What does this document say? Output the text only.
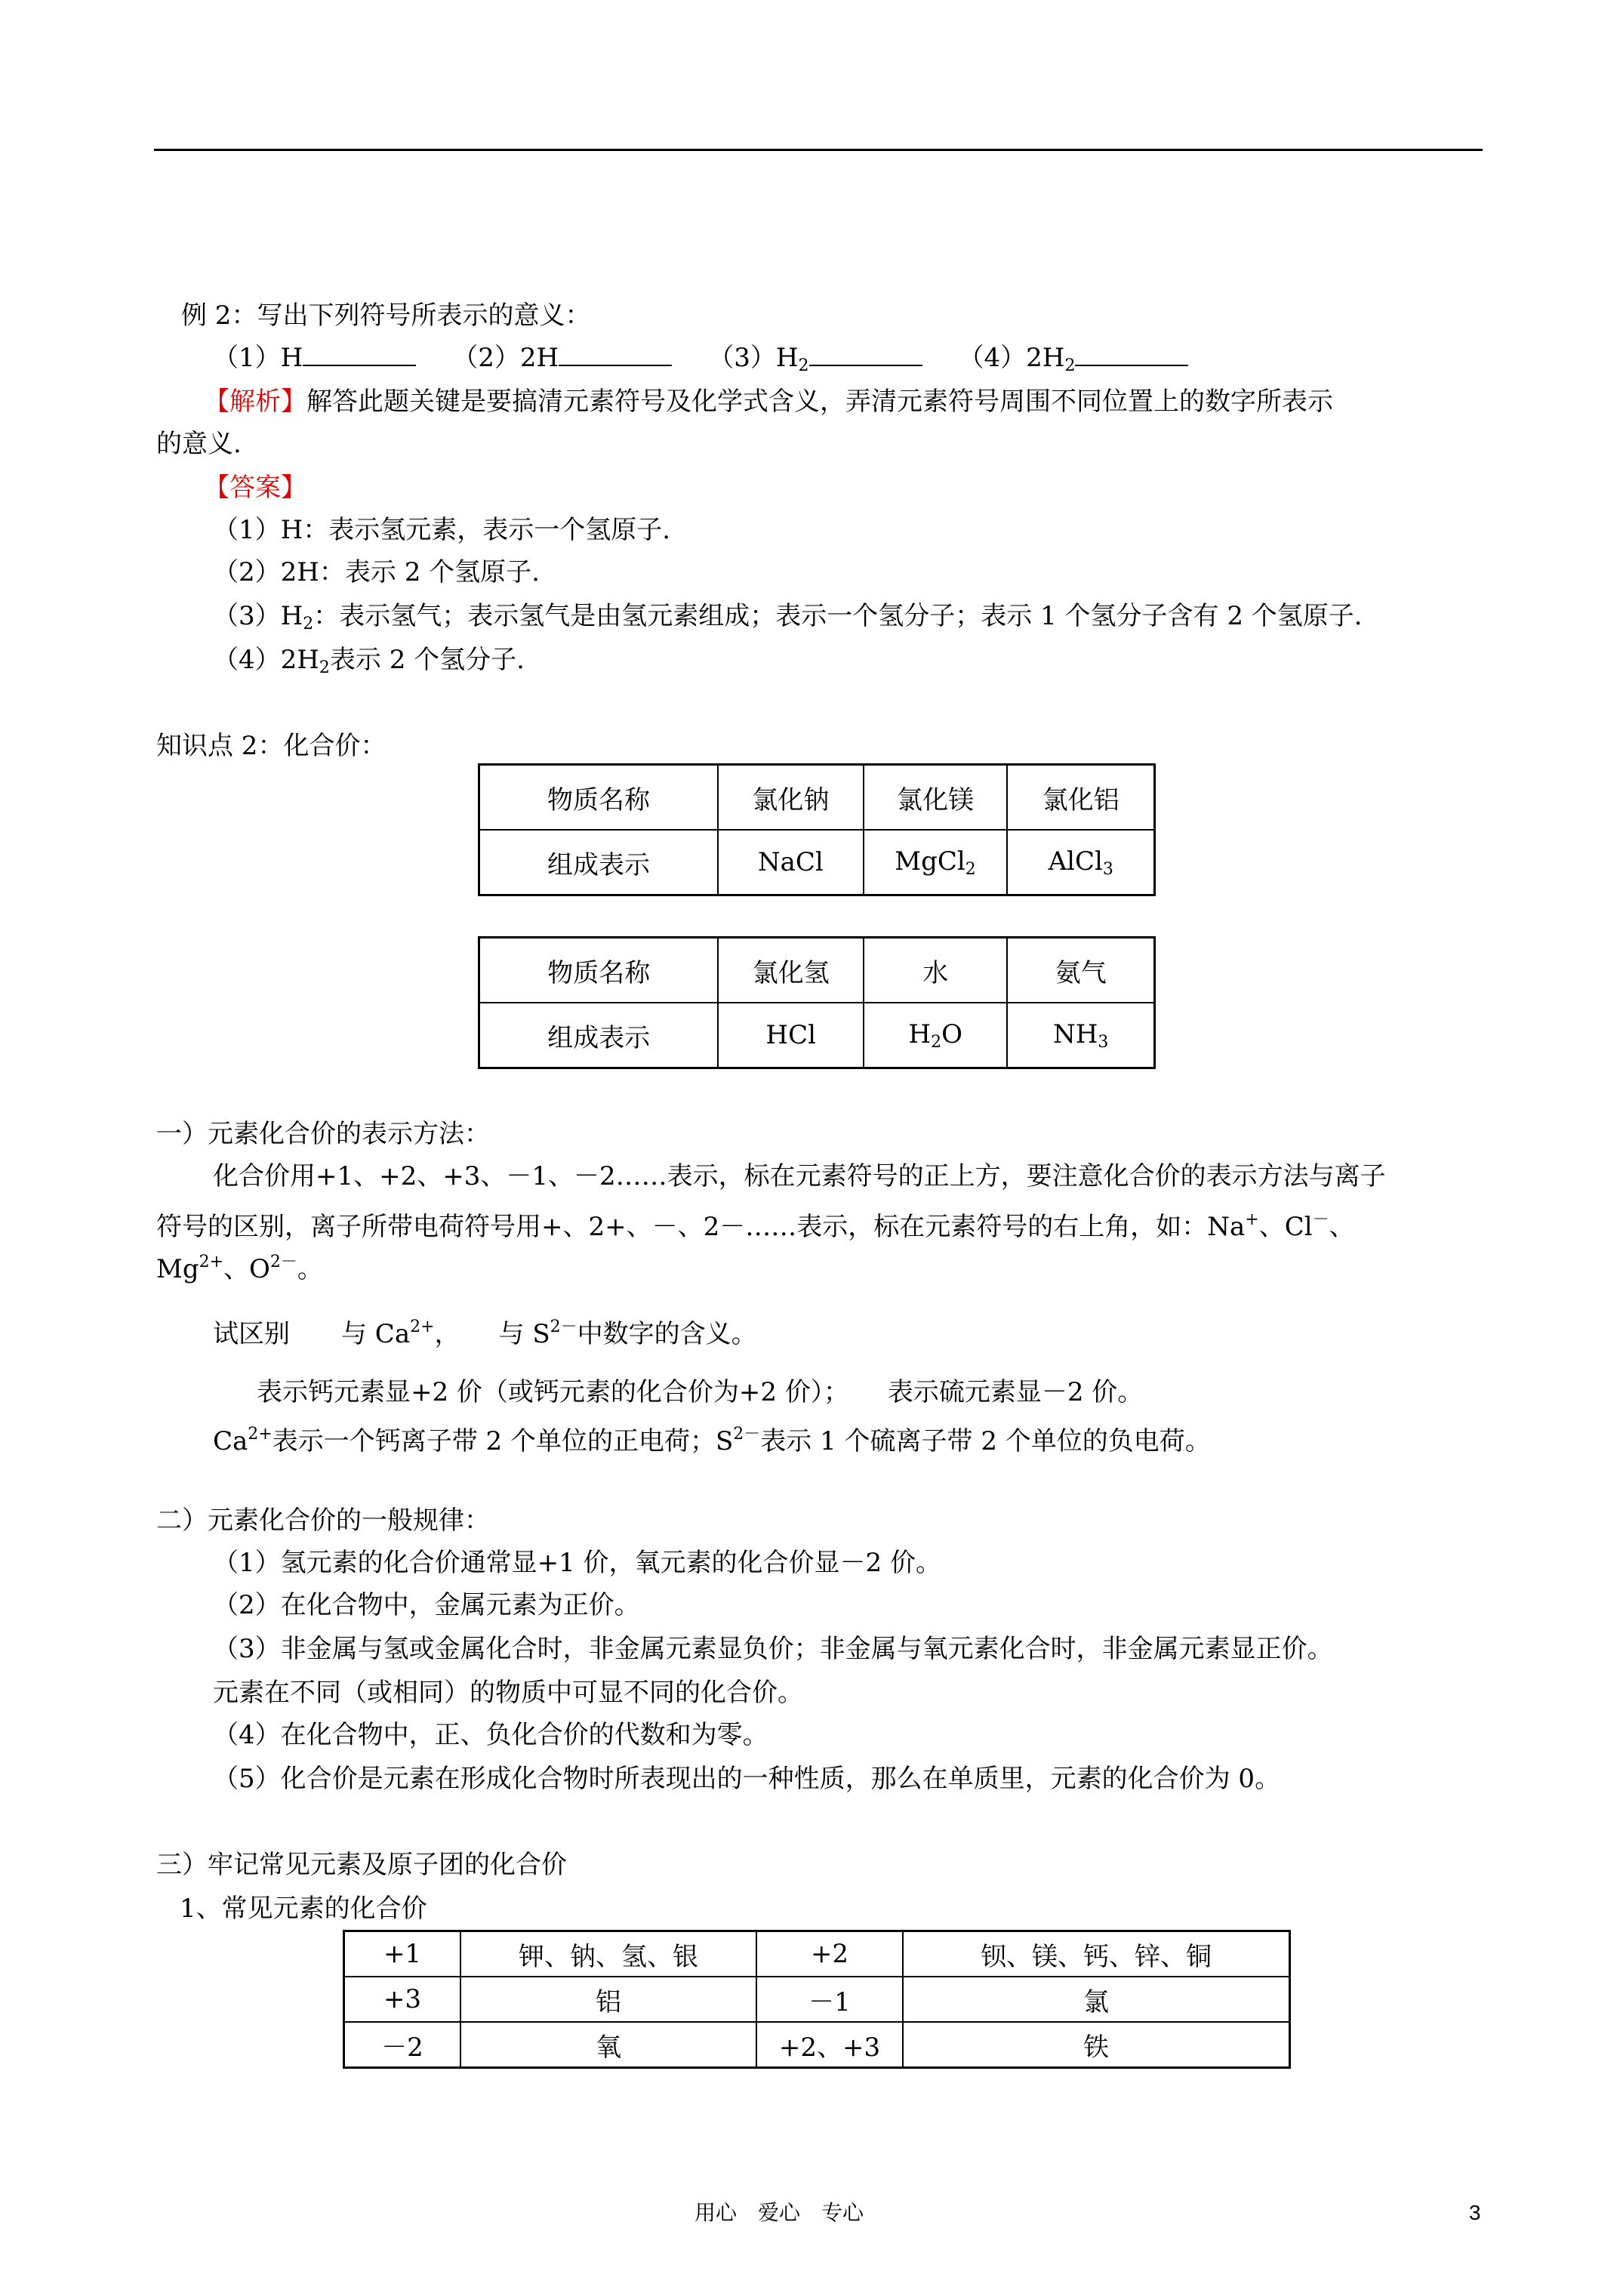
例 2：写出下列符号所表示的意义：
（1）H	（2）2H	$(3)H_2$	$(4)2H_2$
【解析】解答此题关键是要搞清元素符号及化学式含义，弄清元素符号周围不同位置上的数字所表示
的意义.
【答案】
（1）H：表示氢元素，表示一个氢原子.
（2）2H：表示 2 个氢原子.
$(3)H_2$：表示氢气；表示氢气是由氢元素组成；表示一个氢分子；表示 1 个氢分子含有 2 个氢原子.
$(4)2H_2$表示 2 个氢分子.
知识点 2：化合价：
物质名称	氯化钠	氯化镁	氯化铝
组成表示	NaCl	MgCl$_2$	AlCl$_3$
物质名称	氯化氢	水	氨气
组成表示	HCl	$H_2O$	$NH_3$
一）元素化合价的表示方法：
化合价用+1、+2、+3、－1、－2……表示，标在元素符号的正上方，要注意化合价的表示方法与离子
符号的区别，离子所带电荷符号用+、2+、－、2－……表示，标在元素符号的右上角，如：Na+、Cl－、
$Mg^{2+}$、$O^{2-}$。
试区别　　与 $Ca^{2+}$，　　与 $S^{2-}$中数字的含义。
表示钙元素显+2 价（或钙元素的化合价为+2 价）；　　表示硫元素显－2 价。
$Ca^{2+}$表示一个钙离子带 2 个单位的正电荷；$S^{2-}$表示 1 个硫离子带 2 个单位的负电荷。
二）元素化合价的一般规律：
（1）氢元素的化合价通常显+1 价，氧元素的化合价显－2 价。
（2）在化合物中，金属元素为正价。
（3）非金属与氢或金属化合时，非金属元素显负价；非金属与氧元素化合时，非金属元素显正价。
元素在不同（或相同）的物质中可显不同的化合价。
（4）在化合物中，正、负化合价的代数和为零。
（5）化合价是元素在形成化合物时所表现出的一种性质，那么在单质里，元素的化合价为 0。
三）牢记常见元素及原子团的化合价
1、常见元素的化合价
+1	钾、钠、氢、银	+2	钡、镁、钙、锌、铜
+3	铝	－1	氯
－2	氧	+2、+3	铁
用心　爱心　专心	3
